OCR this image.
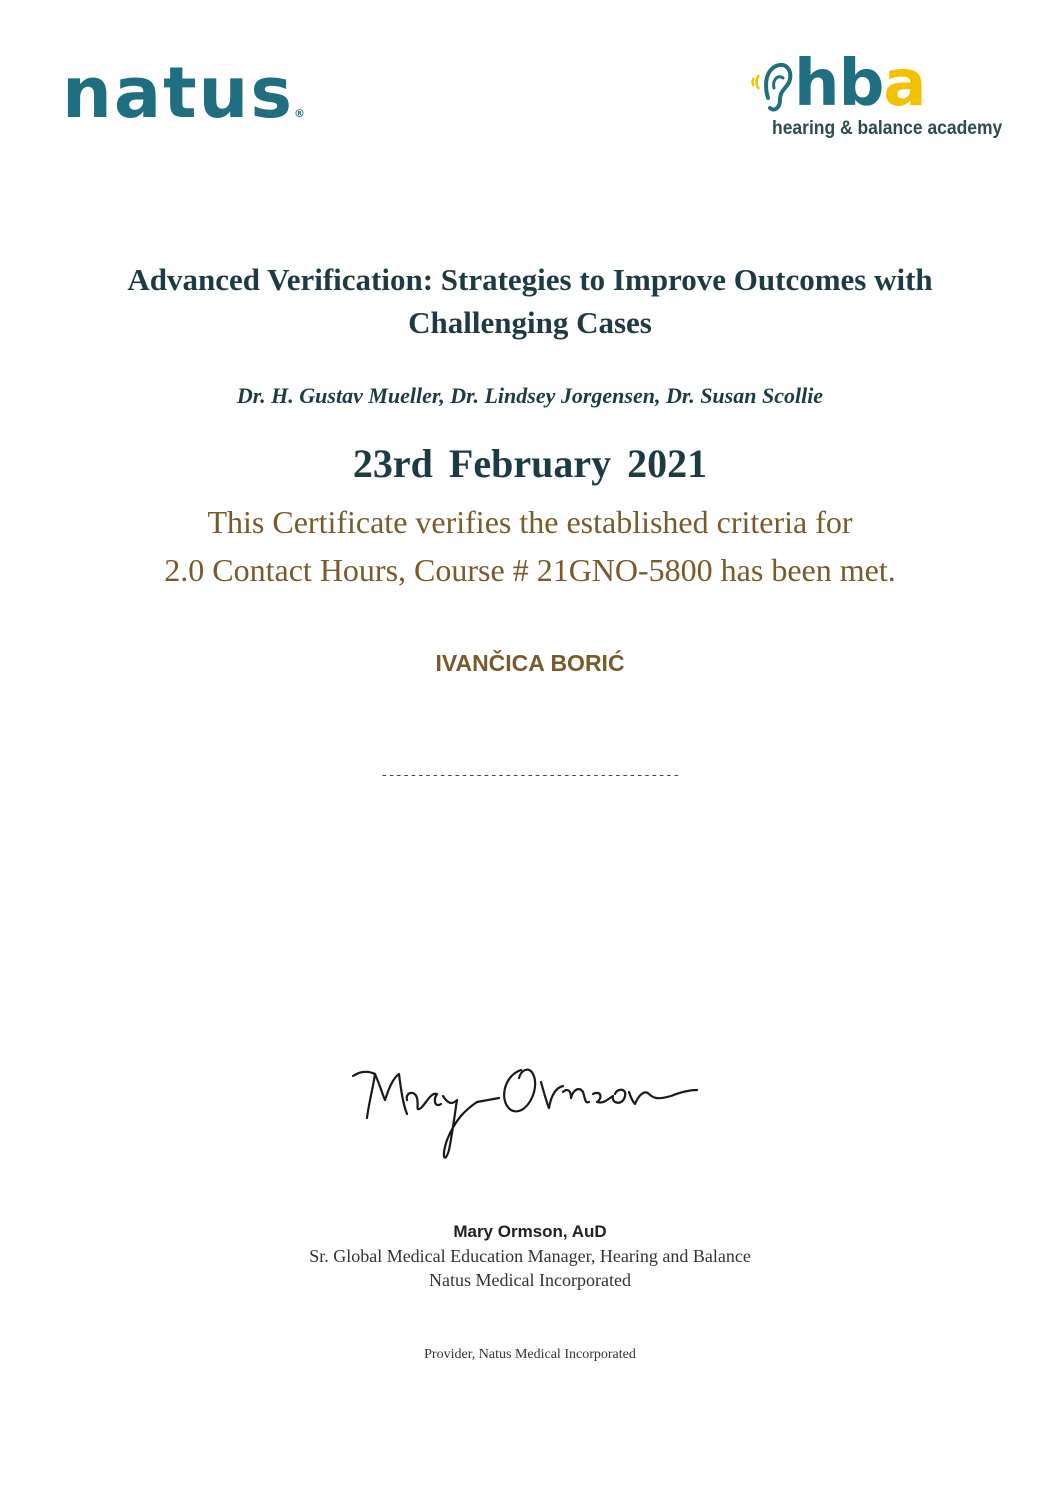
natus®	hba
hearing & balance academy
Advanced Verification: Strategies to Improve Outcomes with
Challenging Cases
Dr. H. Gustav Mueller, Dr. Lindsey Jorgensen, Dr. Susan Scollie
23rd February 2021
This Certificate verifies the established criteria for
2.0 Contact Hours, Course # 21GNO-5800 has been met.
IVANČICA BORIĆ
-----------------------------------------
Mary Ormson, AuD
Sr. Global Medical Education Manager, Hearing and Balance
Natus Medical Incorporated
Provider, Natus Medical Incorporated
